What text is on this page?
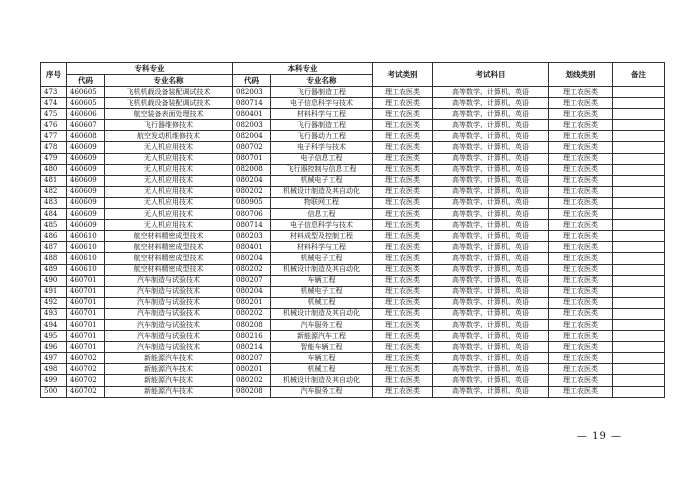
序号	专科专业		本科专业		考试类别	考试科目	划线类别	备注
	代码	专业名称	代码	专业名称				
473	460605	飞机机载设备装配调试技术	082003	飞行器制造工程	理工农医类	高等数学、计算机、英语	理工农医类	
474	460605	飞机机载设备装配调试技术	080714	电子信息科学与技术	理工农医类	高等数学、计算机、英语	理工农医类	
475	460606	航空装备表面处理技术	080401	材料科学与工程	理工农医类	高等数学、计算机、英语	理工农医类	
476	460607	飞行器维修技术	082003	飞行器制造工程	理工农医类	高等数学、计算机、英语	理工农医类	
477	460608	航空发动机维修技术	082004	飞行器动力工程	理工农医类	高等数学、计算机、英语	理工农医类	
478	460609	无人机应用技术	080702	电子科学与技术	理工农医类	高等数学、计算机、英语	理工农医类	
479	460609	无人机应用技术	080701	电子信息工程	理工农医类	高等数学、计算机、英语	理工农医类	
480	460609	无人机应用技术	082008	飞行器控制与信息工程	理工农医类	高等数学、计算机、英语	理工农医类	
481	460609	无人机应用技术	080204	机械电子工程	理工农医类	高等数学、计算机、英语	理工农医类	
482	460609	无人机应用技术	080202	机械设计制造及其自动化	理工农医类	高等数学、计算机、英语	理工农医类	
483	460609	无人机应用技术	080905	物联网工程	理工农医类	高等数学、计算机、英语	理工农医类	
484	460609	无人机应用技术	080706	信息工程	理工农医类	高等数学、计算机、英语	理工农医类	
485	460609	无人机应用技术	080714	电子信息科学与技术	理工农医类	高等数学、计算机、英语	理工农医类	
486	460610	航空材料精密成型技术	080203	材料成型及控制工程	理工农医类	高等数学、计算机、英语	理工农医类	
487	460610	航空材料精密成型技术	080401	材料科学与工程	理工农医类	高等数学、计算机、英语	理工农医类	
488	460610	航空材料精密成型技术	080204	机械电子工程	理工农医类	高等数学、计算机、英语	理工农医类	
489	460610	航空材料精密成型技术	080202	机械设计制造及其自动化	理工农医类	高等数学、计算机、英语	理工农医类	
490	460701	汽车制造与试验技术	080207	车辆工程	理工农医类	高等数学、计算机、英语	理工农医类	
491	460701	汽车制造与试验技术	080204	机械电子工程	理工农医类	高等数学、计算机、英语	理工农医类	
492	460701	汽车制造与试验技术	080201	机械工程	理工农医类	高等数学、计算机、英语	理工农医类	
493	460701	汽车制造与试验技术	080202	机械设计制造及其自动化	理工农医类	高等数学、计算机、英语	理工农医类	
494	460701	汽车制造与试验技术	080208	汽车服务工程	理工农医类	高等数学、计算机、英语	理工农医类	
495	460701	汽车制造与试验技术	080216	新能源汽车工程	理工农医类	高等数学、计算机、英语	理工农医类	
496	460701	汽车制造与试验技术	080214	智能车辆工程	理工农医类	高等数学、计算机、英语	理工农医类	
497	460702	新能源汽车技术	080207	车辆工程	理工农医类	高等数学、计算机、英语	理工农医类	
498	460702	新能源汽车技术	080201	机械工程	理工农医类	高等数学、计算机、英语	理工农医类	
499	460702	新能源汽车技术	080202	机械设计制造及其自动化	理工农医类	高等数学、计算机、英语	理工农医类	
500	460702	新能源汽车技术	080208	汽车服务工程	理工农医类	高等数学、计算机、英语	理工农医类	
— 19 —
